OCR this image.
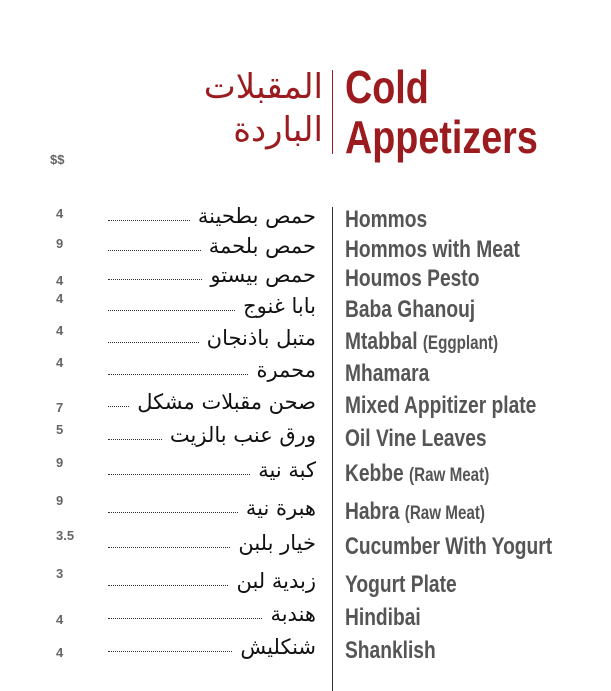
المقبلات
الباردة
Cold
Appetizers
$$
4	حمص بطحينة Hommos
9	حمص بلحمة Hommos with Meat
4	حمص بيستو Houmos Pesto
4	بابا غنوج Baba Ghanouj
4	متبل باذنجان Mtabbal (Eggplant)
4	محمرة Mhamara
7	صحن مقبلات مشكل Mixed Appitizer plate
5	ورق عنب بالزيت Oil Vine Leaves
9	كبة نية Kebbe (Raw Meat)
9	هبرة نية Habra (Raw Meat)
3.5	خيار بلبن Cucumber With Yogurt
3	زبدية لبن Yogurt Plate
4	هندبة Hindibai
4	شنكليش Shanklish
